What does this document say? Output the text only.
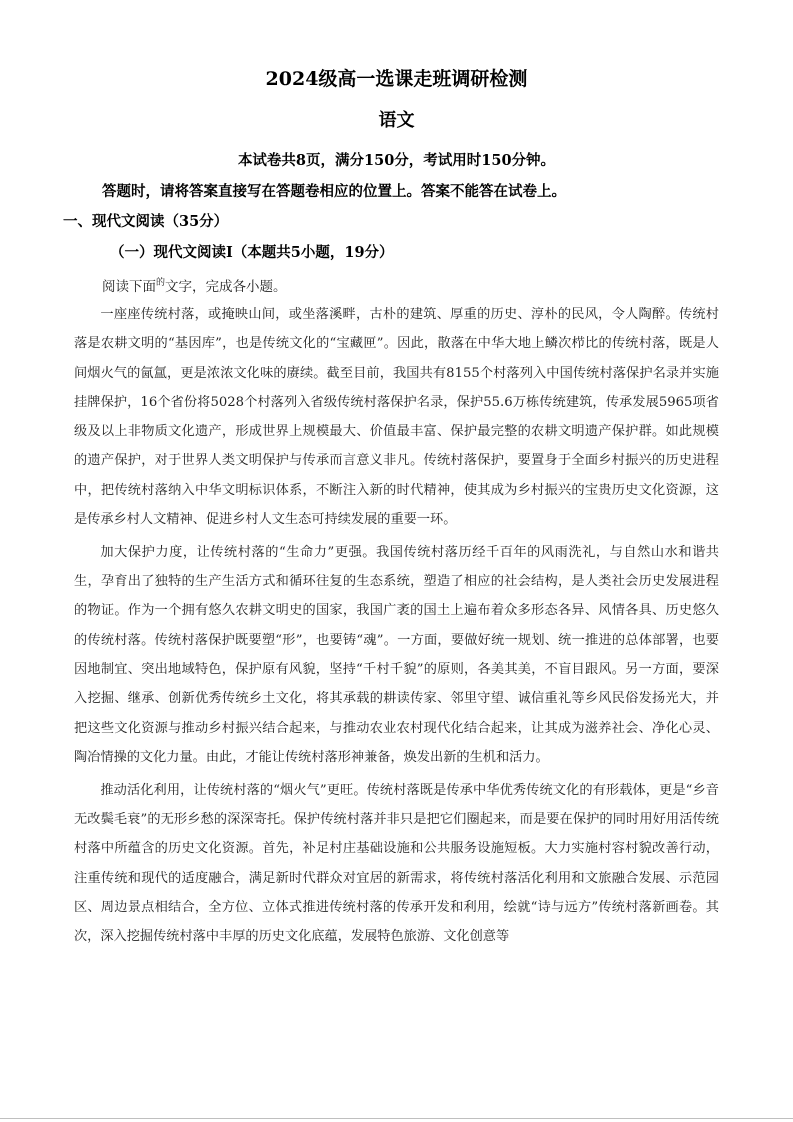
2024级高一选课走班调研检测
语文
本试卷共8页，满分150分，考试用时150分钟。
答题时，请将答案直接写在答题卷相应的位置上。答案不能答在试卷上。
一、现代文阅读（35分）
（一）现代文阅读Ⅰ（本题共5小题，19分）
阅读下面$^的$文字，完成各小题。

一座座传统村落，或掩映山间，或坐落溪畔，古朴的建筑、厚重的历史、淳朴的民风，令人陶醉。传统村落是农耕文明的“基因库”，也是传统文化的“宝藏匣”。因此，散落在中华大地上鳞次栉比的传统村落，既是人间烟火气的氤氲，更是浓浓文化味的赓续。截至目前，我国共有8155个村落列入中国传统村落保护名录并实施挂牌保护，16个省份将5028个村落列入省级传统村落保护名录，保护55.6万栋传统建筑，传承发展5965项省级及以上非物质文化遗产，形成世界上规模最大、价值最丰富、保护最完整的农耕文明遗产保护群。如此规模的遗产保护，对于世界人类文明保护与传承而言意义非凡。传统村落保护，要置身于全面乡村振兴的历史进程中，把传统村落纳入中华文明标识体系，不断注入新的时代精神，使其成为乡村振兴的宝贵历史文化资源，这是传承乡村人文精神、促进乡村人文生态可持续发展的重要一环。

加大保护力度，让传统村落的“生命力”更强。我国传统村落历经千百年的风雨洗礼，与自然山水和谐共生，孕育出了独特的生产生活方式和循环往复的生态系统，塑造了相应的社会结构，是人类社会历史发展进程的物证。作为一个拥有悠久农耕文明史的国家，我国广袤的国土上遍布着众多形态各异、风情各具、历史悠久的传统村落。传统村落保护既要塑“形”，也要铸“魂”。一方面，要做好统一规划、统一推进的总体部署，也要因地制宜、突出地域特色，保护原有风貌，坚持“千村千貌”的原则，各美其美，不盲目跟风。另一方面，要深入挖掘、继承、创新优秀传统乡土文化，将其承载的耕读传家、邻里守望、诚信重礼等乡风民俗发扬光大，并把这些文化资源与推动乡村振兴结合起来，与推动农业农村现代化结合起来，让其成为滋养社会、净化心灵、陶冶情操的文化力量。由此，才能让传统村落形神兼备，焕发出新的生机和活力。

推动活化利用，让传统村落的“烟火气”更旺。传统村落既是传承中华优秀传统文化的有形载体，更是“乡音无改鬓毛衰”的无形乡愁的深深寄托。保护传统村落并非只是把它们圈起来，而是要在保护的同时用好用活传统村落中所蕴含的历史文化资源。首先，补足村庄基础设施和公共服务设施短板。大力实施村容村貌改善行动，注重传统和现代的适度融合，满足新时代群众对宜居的新需求，将传统村落活化利用和文旅融合发展、示范园区、周边景点相结合，全方位、立体式推进传统村落的传承开发和利用，绘就“诗与远方”传统村落新画卷。其次，深入挖掘传统村落中丰厚的历史文化底蕴，发展特色旅游、文化创意等
